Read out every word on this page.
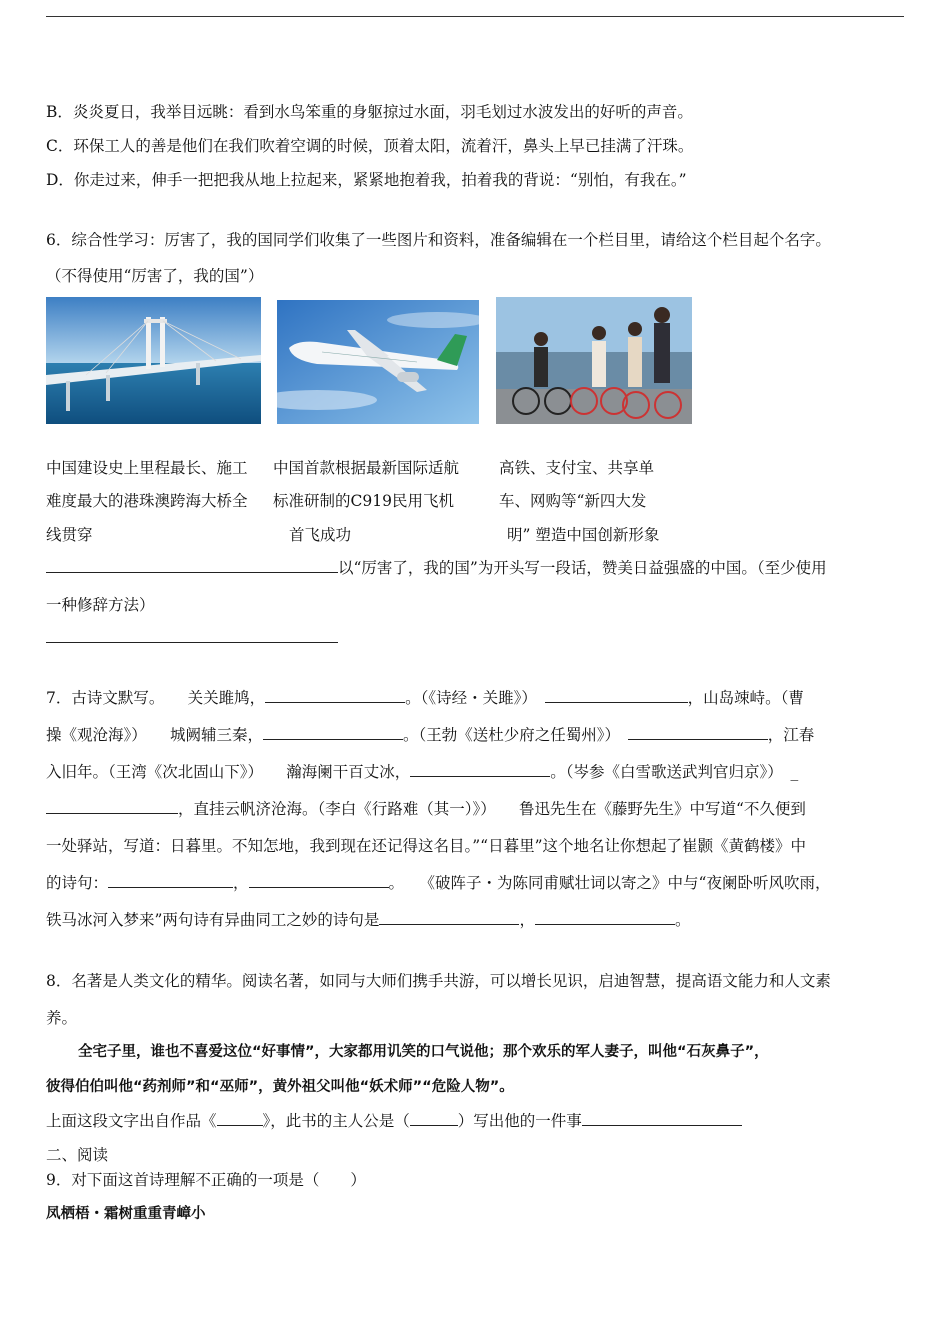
B．炎炎夏日，我举目远眺：看到水鸟笨重的身躯掠过水面，羽毛划过水波发出的好听的声音。
C．环保工人的善是他们在我们吹着空调的时候，顶着太阳，流着汗，鼻头上早已挂满了汗珠。
D．你走过来，伸手一把把我从地上拉起来，紧紧地抱着我，拍着我的背说：“别怕，有我在。”
6．综合性学习：厉害了，我的国同学们收集了一些图片和资料，准备编辑在一个栏目里，请给这个栏目起个名字。
（不得使用“厉害了，我的国”）
中国建设史上里程最长、施工
难度最大的港珠澳跨海大桥全
线贯穿
中国首款根据最新国际适航
标准研制的C919民用飞机
首飞成功
高铁、支付宝、共享单
车、网购等“新四大发
明” 塑造中国创新形象
以“厉害了，我的国”为开头写一段话，赞美日益强盛的中国。（至少使用
一种修辞方法）
7．古诗文默写。　　关关雎鸠，	。（《诗经・关雎》）　	，山岛竦峙。（曹
操《观沧海》）　　城阙辅三秦，	。（王勃《送杜少府之任蜀州》）　	，江春
入旧年。（王湾《次北固山下》）　　瀚海阑干百丈冰，	。（岑参《白雪歌送武判官归京》）　_
，直挂云帆济沧海。（李白《行路难（其一）》）　　鲁迅先生在《藤野先生》中写道“不久便到
一处驿站，写道：日暮里。不知怎地，我到现在还记得这名目。”“日暮里”这个地名让你想起了崔颢《黄鹤楼》中
的诗句：	，	。　　《破阵子・为陈同甫赋壮词以寄之》中与“夜阑卧听风吹雨，
铁马冰河入梦来”两句诗有异曲同工之妙的诗句是	，	。
8．名著是人类文化的精华。阅读名著，如同与大师们携手共游，可以增长见识，启迪智慧，提高语文能力和人文素
养。
全宅子里，谁也不喜爱这位“好事情”，大家都用讥笑的口气说他；那个欢乐的军人妻子，叫他“石灰鼻子”，
彼得伯伯叫他“药剂师”和“巫师”，黄外祖父叫他“妖术师”“危险人物”。
上面这段文字出自作品《	》，此书的主人公是（	）写出他的一件事
二、阅读
9．对下面这首诗理解不正确的一项是（　　）
凤栖梧・霜树重重青嶂小
